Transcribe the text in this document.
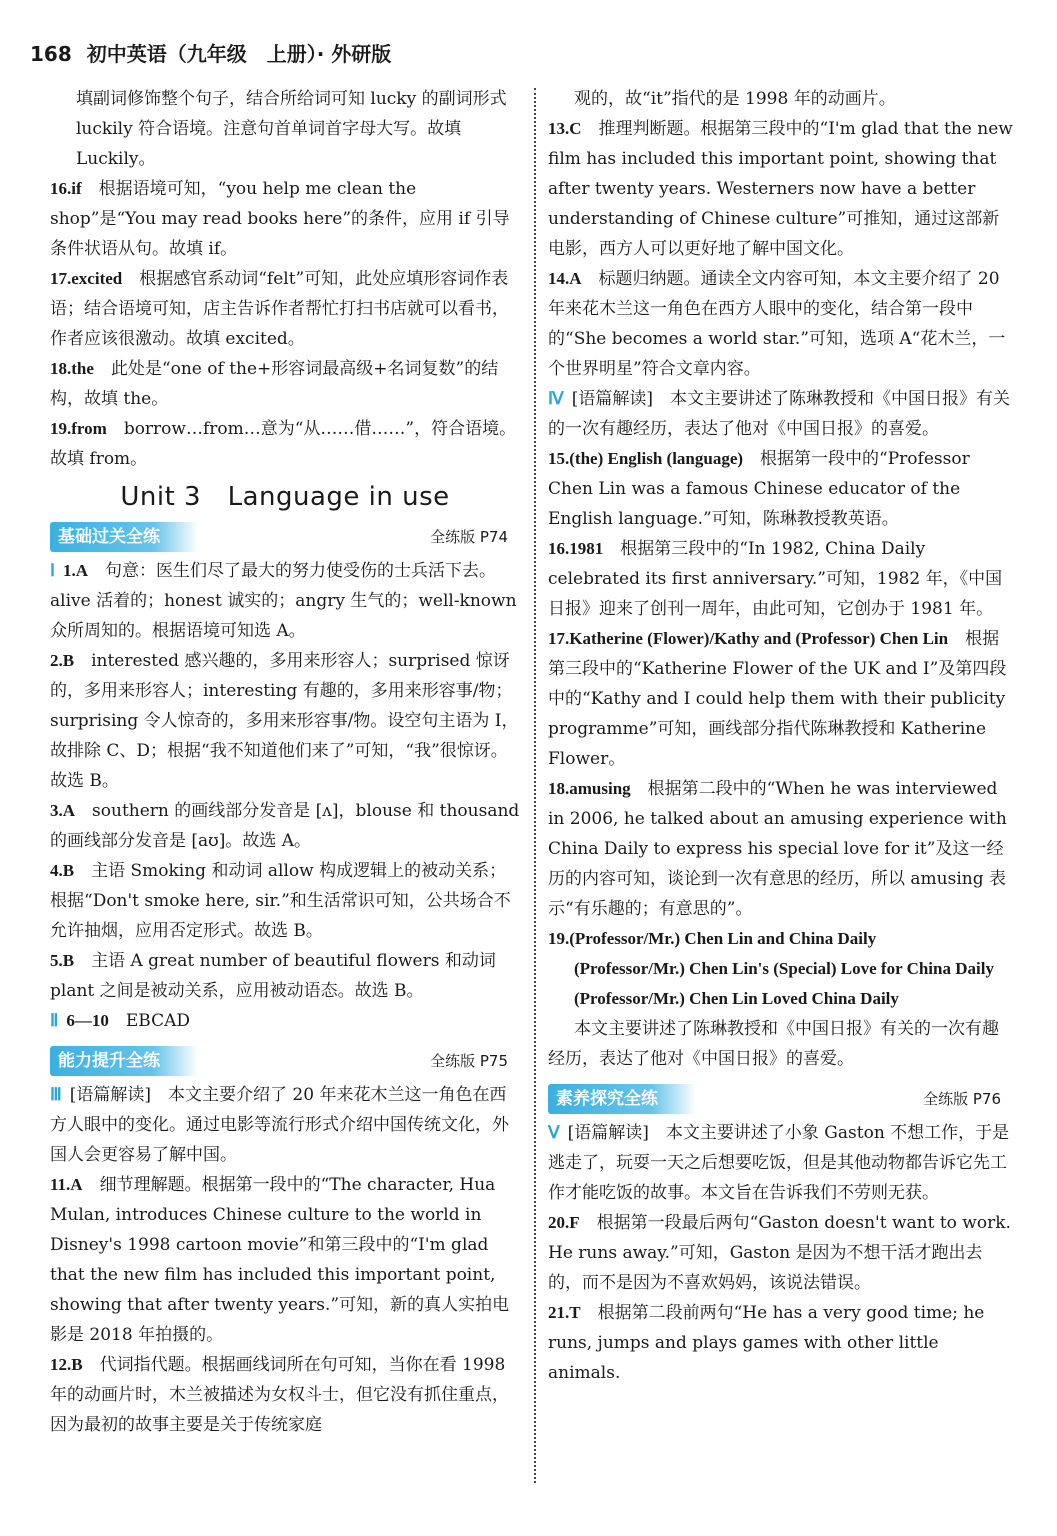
168 初中英语（九年级　上册）· 外研版

填副词修饰整个句子，结合所给词可知 lucky 的副词形式 luckily 符合语境。注意句首单词首字母大写。故填 Luckily。

16.if　 根据语境可知，“you help me clean the shop”是“You may read books here”的条件，应用 if 引导条件状语从句。故填 if。

17.excited　 根据感官系动词“felt”可知，此处应填形容词作表语；结合语境可知，店主告诉作者帮忙打扫书店就可以看书，作者应该很激动。故填 excited。

18.the　 此处是“one of the+形容词最高级+名词复数”的结构，故填 the。

19.from　 borrow…from…意为“从……借……”，符合语境。故填 from。

Unit 3　Language in use
基础过关全练	全练版 P74

Ⅰ 1.A　 句意：医生们尽了最大的努力使受伤的士兵活下去。alive 活着的；honest 诚实的；angry 生气的；well-known 众所周知的。根据语境可知选 A。

2.B　 interested 感兴趣的，多用来形容人；surprised 惊讶的，多用来形容人；interesting 有趣的，多用来形容事/物；surprising 令人惊奇的，多用来形容事/物。设空句主语为 I，故排除 C、D；根据“我不知道他们来了”可知，“我”很惊讶。故选 B。

3.A　 southern 的画线部分发音是 [ʌ]，blouse 和 thousand 的画线部分发音是 [aʊ]。故选 A。

4.B　 主语 Smoking 和动词 allow 构成逻辑上的被动关系；根据“Don't smoke here, sir.”和生活常识可知，公共场合不允许抽烟，应用否定形式。故选 B。

5.B　 主语 A great number of beautiful flowers 和动词 plant 之间是被动关系，应用被动语态。故选 B。

Ⅱ 6—10　 EBCAD

能力提升全练	全练版 P75

Ⅲ [语篇解读]　本文主要介绍了 20 年来花木兰这一角色在西方人眼中的变化。通过电影等流行形式介绍中国传统文化，外国人会更容易了解中国。

11.A　 细节理解题。根据第一段中的“The character, Hua Mulan, introduces Chinese culture to the world in Disney's 1998 cartoon movie”和第三段中的“I'm glad that the new film has included this important point, showing that after twenty years.”可知，新的真人实拍电影是 2018 年拍摄的。

12.B　 代词指代题。根据画线词所在句可知，当你在看 1998 年的动画片时，木兰被描述为女权斗士，但它没有抓住重点，因为最初的故事主要是关于传统家庭

观的，故“it”指代的是 1998 年的动画片。

13.C　 推理判断题。根据第三段中的“I'm glad that the new film has included this important point, showing that after twenty years. Westerners now have a better understanding of Chinese culture”可推知，通过这部新电影，西方人可以更好地了解中国文化。

14.A　 标题归纳题。通读全文内容可知，本文主要介绍了 20 年来花木兰这一角色在西方人眼中的变化，结合第一段中的“She becomes a world star.”可知，选项 A“花木兰，一个世界明星”符合文章内容。

Ⅳ [语篇解读]　本文主要讲述了陈琳教授和《中国日报》有关的一次有趣经历，表达了他对《中国日报》的喜爱。

15.(the) English (language)　 根据第一段中的“Professor Chen Lin was a famous Chinese educator of the English language.”可知，陈琳教授教英语。

16.1981　 根据第三段中的“In 1982, China Daily celebrated its first anniversary.”可知，1982 年，《中国日报》迎来了创刊一周年，由此可知，它创办于 1981 年。

17.Katherine (Flower)/Kathy and (Professor) Chen Lin　 根据第三段中的“Katherine Flower of the UK and I”及第四段中的“Kathy and I could help them with their publicity programme”可知，画线部分指代陈琳教授和 Katherine Flower。

18.amusing　 根据第二段中的“When he was interviewed in 2006, he talked about an amusing experience with China Daily to express his special love for it”及这一经历的内容可知，谈论到一次有意思的经历，所以 amusing 表示“有乐趣的；有意思的”。

19.(Professor/Mr.) Chen Lin and China Daily
(Professor/Mr.) Chen Lin's (Special) Love for China Daily
(Professor/Mr.) Chen Lin Loved China Daily
本文主要讲述了陈琳教授和《中国日报》有关的一次有趣经历，表达了他对《中国日报》的喜爱。

素养探究全练	全练版 P76

Ⅴ [语篇解读]　本文主要讲述了小象 Gaston 不想工作，于是逃走了，玩耍一天之后想要吃饭，但是其他动物都告诉它先工作才能吃饭的故事。本文旨在告诉我们不劳则无获。

20.F　 根据第一段最后两句“Gaston doesn't want to work. He runs away.”可知，Gaston 是因为不想干活才跑出去的，而不是因为不喜欢妈妈，该说法错误。

21.T　 根据第二段前两句“He has a very good time; he runs, jumps and plays games with other little animals.
